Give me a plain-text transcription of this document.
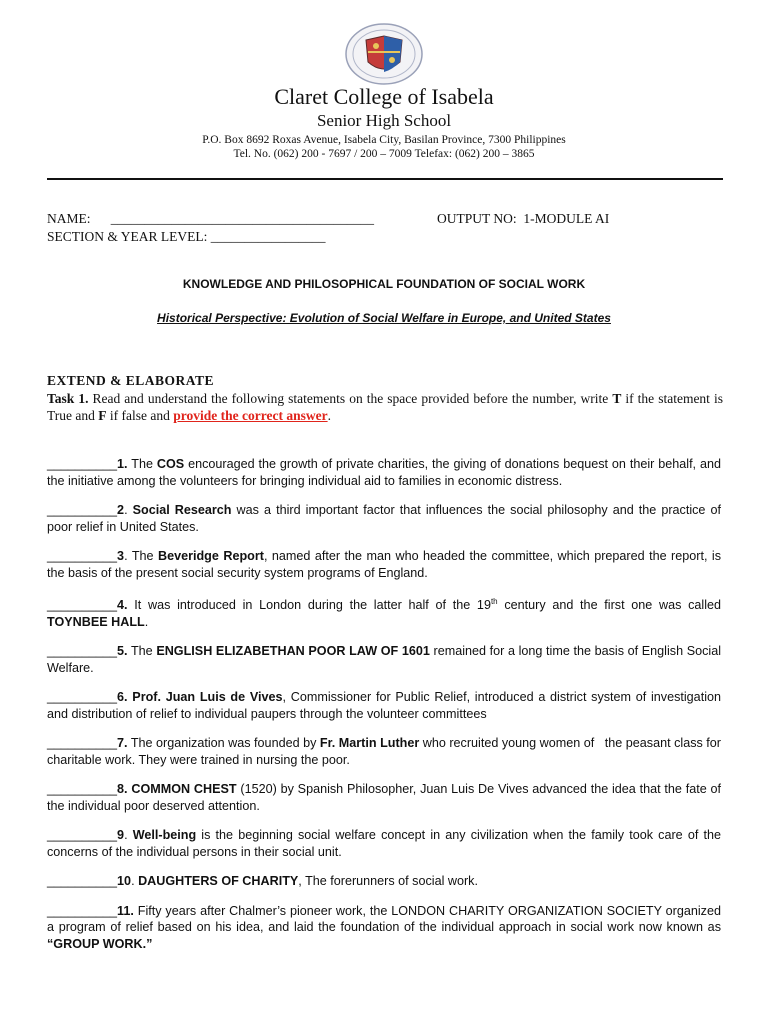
Claret College of Isabela
Senior High School
P.O. Box 8692 Roxas Avenue, Isabela City, Basilan Province, 7300 Philippines
Tel. No. (062) 200 - 7697 / 200 – 7009 Telefax: (062) 200 – 3865
NAME: _______________________________________	OUTPUT NO: 1-MODULE AI
SECTION & YEAR LEVEL: _________________
KNOWLEDGE AND PHILOSOPHICAL FOUNDATION OF SOCIAL WORK
Historical Perspective: Evolution of Social Welfare in Europe, and United States
EXTEND & ELABORATE
Task 1. Read and understand the following statements on the space provided before the number, write T if the statement is True and F if false and provide the correct answer.
__________1. The COS encouraged the growth of private charities, the giving of donations bequest on their behalf, and the initiative among the volunteers for bringing individual aid to families in economic distress.
__________2. Social Research was a third important factor that influences the social philosophy and the practice of poor relief in United States.
__________3. The Beveridge Report, named after the man who headed the committee, which prepared the report, is the basis of the present social security system programs of England.
__________4. It was introduced in London during the latter half of the 19th century and the first one was called TOYNBEE HALL.
__________5. The ENGLISH ELIZABETHAN POOR LAW OF 1601 remained for a long time the basis of English Social Welfare.
__________6. Prof. Juan Luis de Vives, Commissioner for Public Relief, introduced a district system of investigation and distribution of relief to individual paupers through the volunteer committees
__________7. The organization was founded by Fr. Martin Luther who recruited young women of   the peasant class for charitable work. They were trained in nursing the poor.
__________8. COMMON CHEST (1520) by Spanish Philosopher, Juan Luis De Vives advanced the idea that the fate of the individual poor deserved attention.
__________9. Well-being is the beginning social welfare concept in any civilization when the family took care of the concerns of the individual persons in their social unit.
__________10. DAUGHTERS OF CHARITY, The forerunners of social work.
__________11. Fifty years after Chalmer’s pioneer work, the LONDON CHARITY ORGANIZATION SOCIETY organized a program of relief based on his idea, and laid the foundation of the individual approach in social work now known as “GROUP WORK.”
